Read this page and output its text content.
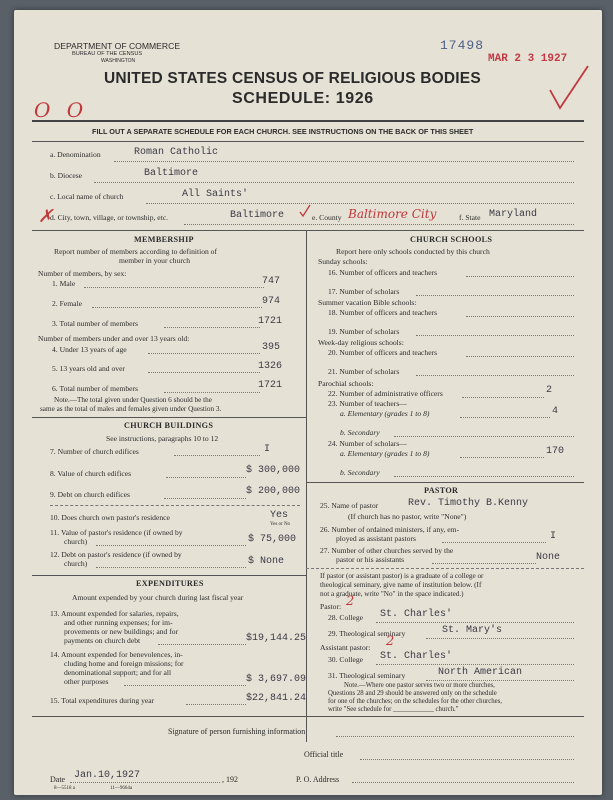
DEPARTMENT OF COMMERCE
BUREAU OF THE CENSUS
WASHINGTON
17498
MAR 2 3 1927
UNITED STATES CENSUS OF RELIGIOUS BODIES
SCHEDULE: 1926
O O
FILL OUT A SEPARATE SCHEDULE FOR EACH CHURCH. SEE INSTRUCTIONS ON THE BACK OF THIS SHEET
a. Denomination	Roman Catholic
b. Diocese	Baltimore
c. Local name of church	All Saints'
✗
d. City, town, village, or township, etc.	Baltimore	e. County Baltimore City	f. State Maryland
MEMBERSHIP
Report number of members according to definition of
member in your church
Number of members, by sex:
1. Male	747
2. Female	974
3. Total number of members	1721
Number of members under and over 13 years old:
4. Under 13 years of age	395
5. 13 years old and over	1326
6. Total number of members	1721
Note.—The total given under Question 6 should be the
same as the total of males and females given under Question 3.
CHURCH BUILDINGS
See instructions, paragraphs 10 to 12
7. Number of church edifices	I
8. Value of church edifices	$ 300,000
9. Debt on church edifices	$ 200,000
10. Does church own pastor's residence	Yes
Yes or No
11. Value of pastor's residence (if owned by
church)	$ 75,000
12. Debt on pastor's residence (if owned by
church)	$ None
EXPENDITURES
Amount expended by your church during last fiscal year
13. Amount expended for salaries, repairs,
and other running expenses; for im-
provements or new buildings; and for
payments on church debt	$19,144.25
14. Amount expended for benevolences, in-
cluding home and foreign missions; for
denominational support; and for all
other purposes	$ 3,697.09
15. Total expenditures during year	$22,841.24
CHURCH SCHOOLS
Report here only schools conducted by this church
Sunday schools:
16. Number of officers and teachers
17. Number of scholars
Summer vacation Bible schools:
18. Number of officers and teachers
19. Number of scholars
Week-day religious schools:
20. Number of officers and teachers
21. Number of scholars
Parochial schools:
22. Number of administrative officers	2
23. Number of teachers—
a. Elementary (grades 1 to 8)	4
b. Secondary
24. Number of scholars—
a. Elementary (grades 1 to 8)	170
b. Secondary
PASTOR
25. Name of pastor	Rev. Timothy B.Kenny
(If church has no pastor, write "None")
26. Number of ordained ministers, if any, em-
ployed as assistant pastors	I
27. Number of other churches served by the
pastor or his assistants	None
If pastor (or assistant pastor) is a graduate of a college or
theological seminary, give name of institution below. (If
not a graduate, write "No" in the space indicated.)
Pastor: 2
28. College St. Charles'
29. Theological seminary	St. Mary's
Assistant pastor: 2
30. College St. Charles'
31. Theological seminary	North American
Note.—Where one pastor serves two or more churches,
Questions 28 and 29 should be answered only on the schedule
for one of the churches; on the schedules for the other churches,
write "See schedule for ____________ church."
Signature of person furnishing information
Official title
Date Jan.10,1927	, 192	P. O. Address
8—5518 a	11—9664a
